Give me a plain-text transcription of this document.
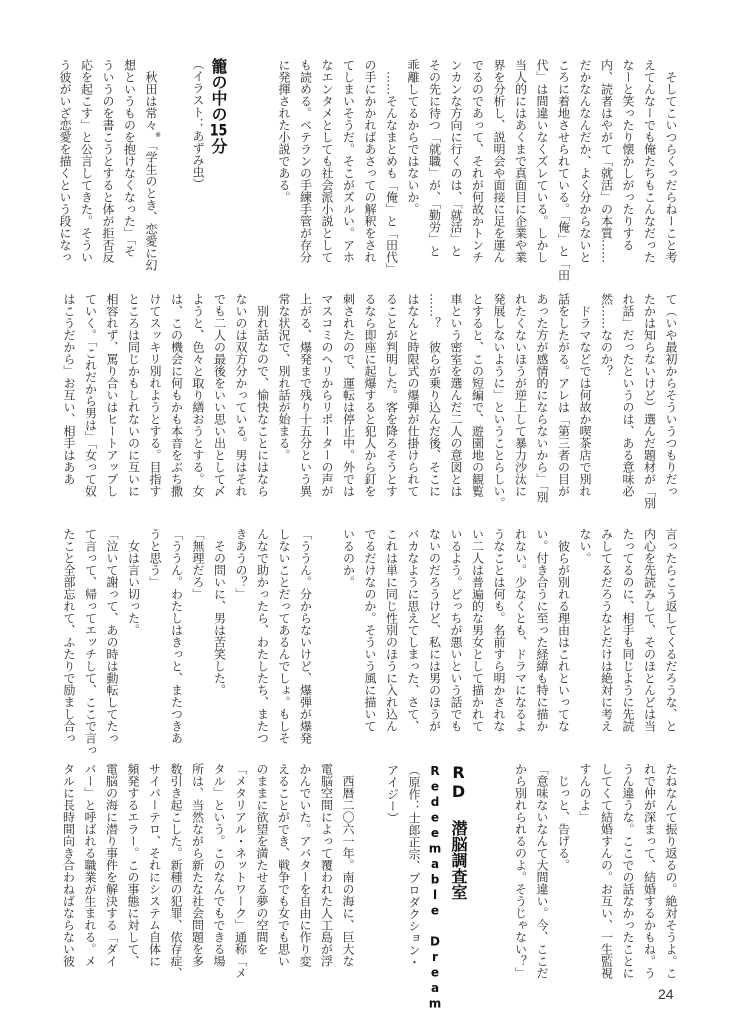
　そしてこいつらくっだらねーこと考
えてんなーでも俺たちもこんなだった
なーと笑ったり懐かしがったりする
内、読者はやがて「就活」の本質……
だかなんなんだか、よく分からないと
ころに着地させられている。「俺」と「田
代」は間違いなくズレている。しかし
当人的にはあくまで真面目に企業や業
界を分析し、説明会や面接に足を運ん
でるのであって、それが何故かトンチ
ンカンな方向に行くのは、「就活」と
その先に待つ「就職」が、「勤労」と
乖離してるからではないか。
　……そんなまとめも「俺」と「田代」
の手にかかればあさっての解釈をされ
てしまいそうだ。そこがズルい。アホ
なエンタメとしても社会派小説として
も読める。ベテランの手練手管が存分
に発揮された小説である。
籠の中の15分
（イラスト：あずみ虫）
　秋田は常々※「学生のとき、恋愛に幻
想というものを抱けなくなった」「そ
ういうのを書こうとすると体が拒否反
応を起こす」と公言してきた。そうい
う彼がいざ恋愛を描くという段になっ
て（いや最初からそういうつもりだっ
たかは知らないけど）選んだ題材が「別
れ話」だったというのは、ある意味必
然……なのか？
　ドラマなどでは何故か喫茶店で別れ
話をしたがる。アレは「第三者の目が
あった方が感情的にならないから」「別
れたくないほうが逆上して暴力沙汰に
発展しないように」ということらしい。
とすると、この短編で、遊園地の観覧
車という密室を選んだ二人の意図とは
……？　彼らが乗り込んだ後、そこに
はなんと時限式の爆弾が仕掛けられて
ることが判明した。客を降ろそうとす
るなら即座に起爆すると犯人から釘を
刺されたので、運転は停止中。外では
マスコミのヘリからリポーターの声が
上がる、爆発まで残り十五分という異
常な状況で、別れ話が始まる。
　別れ話なので、愉快なことにはなら
ないのは双方分かっている。男はそれ
でも二人の最後をいい思い出として〆
ようと、色々と取り繕おうとする。女
は、この機会に何もかも本音をぶち撒
けてスッキリ別れようとする。目指す
ところは同じかもしれないのに互いに
相容れず、罵り合いはヒートアップし
ていく。「これだから男は」「女って奴
はこうだから」お互い、相手はああ
言ったらこう返してくるだろうな、と
内心を先読みして、そのほとんどは当
たってるのに、相手も同じように先読
みしてるだろうなとだけは絶対に考え
ない。
　彼らが別れる理由はこれといってな
い。付き合うに至った経緯も特に描か
れない。少なくとも、ドラマになるよ
うなことは何も。名前すら明かされな
い二人は普遍的な男女として描かれて
いるよう。どっちが悪いという話でも
ないのだろうけど、私には男のほうが
バカなように思えてしまった、さて、
これは単に同じ性別のほうに入れ込ん
でるだけなのか。そういう風に描いて
いるのか。

「ううん。分からないけど、爆弾が爆発
しないことだってあるんでしょ。もしそ
んなで助かったら、わたしたち、またつ
きあうの？」
　その問いに、男は苦笑した。
「無理だろ」
「ううん。わたしはきっと、またつきあ
うと思う」
　女は言い切った。
「泣いて謝って、あの時は動転してたっ
て言って、帰ってエッチして、ここで言っ
たこと全部忘れて、ふたりで励まし合っ
たねなんて振り返るの。絶対そうよ。こ
れで仲が深まって、結婚するかもね。う
うん違うな。ここでの話なかったことに
してくて結婚すんの。お互い、一生監視
すんのよ」
　じっと、告げる。
「意味ないなんて大間違い。今、ここだ
から別れられるのよ。そうじゃない？」
RD 潜脳調査室
Redeemable Dream
（原作：士郎正宗、プロダクション・
アイジー）
　西暦二〇六一年。南の海に、巨大な
電脳空間によって覆われた人工島が浮
かんでいた。アバターを自由に作り変
えることができ、戦争でも女でも思い
のままに欲望を満たせる夢の空間を
「メタリアル・ネットワーク」通称「メ
タル」という。このなんでもできる場
所は、当然ながら新たな社会問題を多
数引き起こした。新種の犯罪、依存症、
サイバーテロ、それにシステム自体に
頻発するエラー。この事態に対して、
電脳の海に潜り事件を解決する「ダイ
バー」と呼ばれる職業が生まれる。メ
タルに長時間向き合わねばならない彼
24
